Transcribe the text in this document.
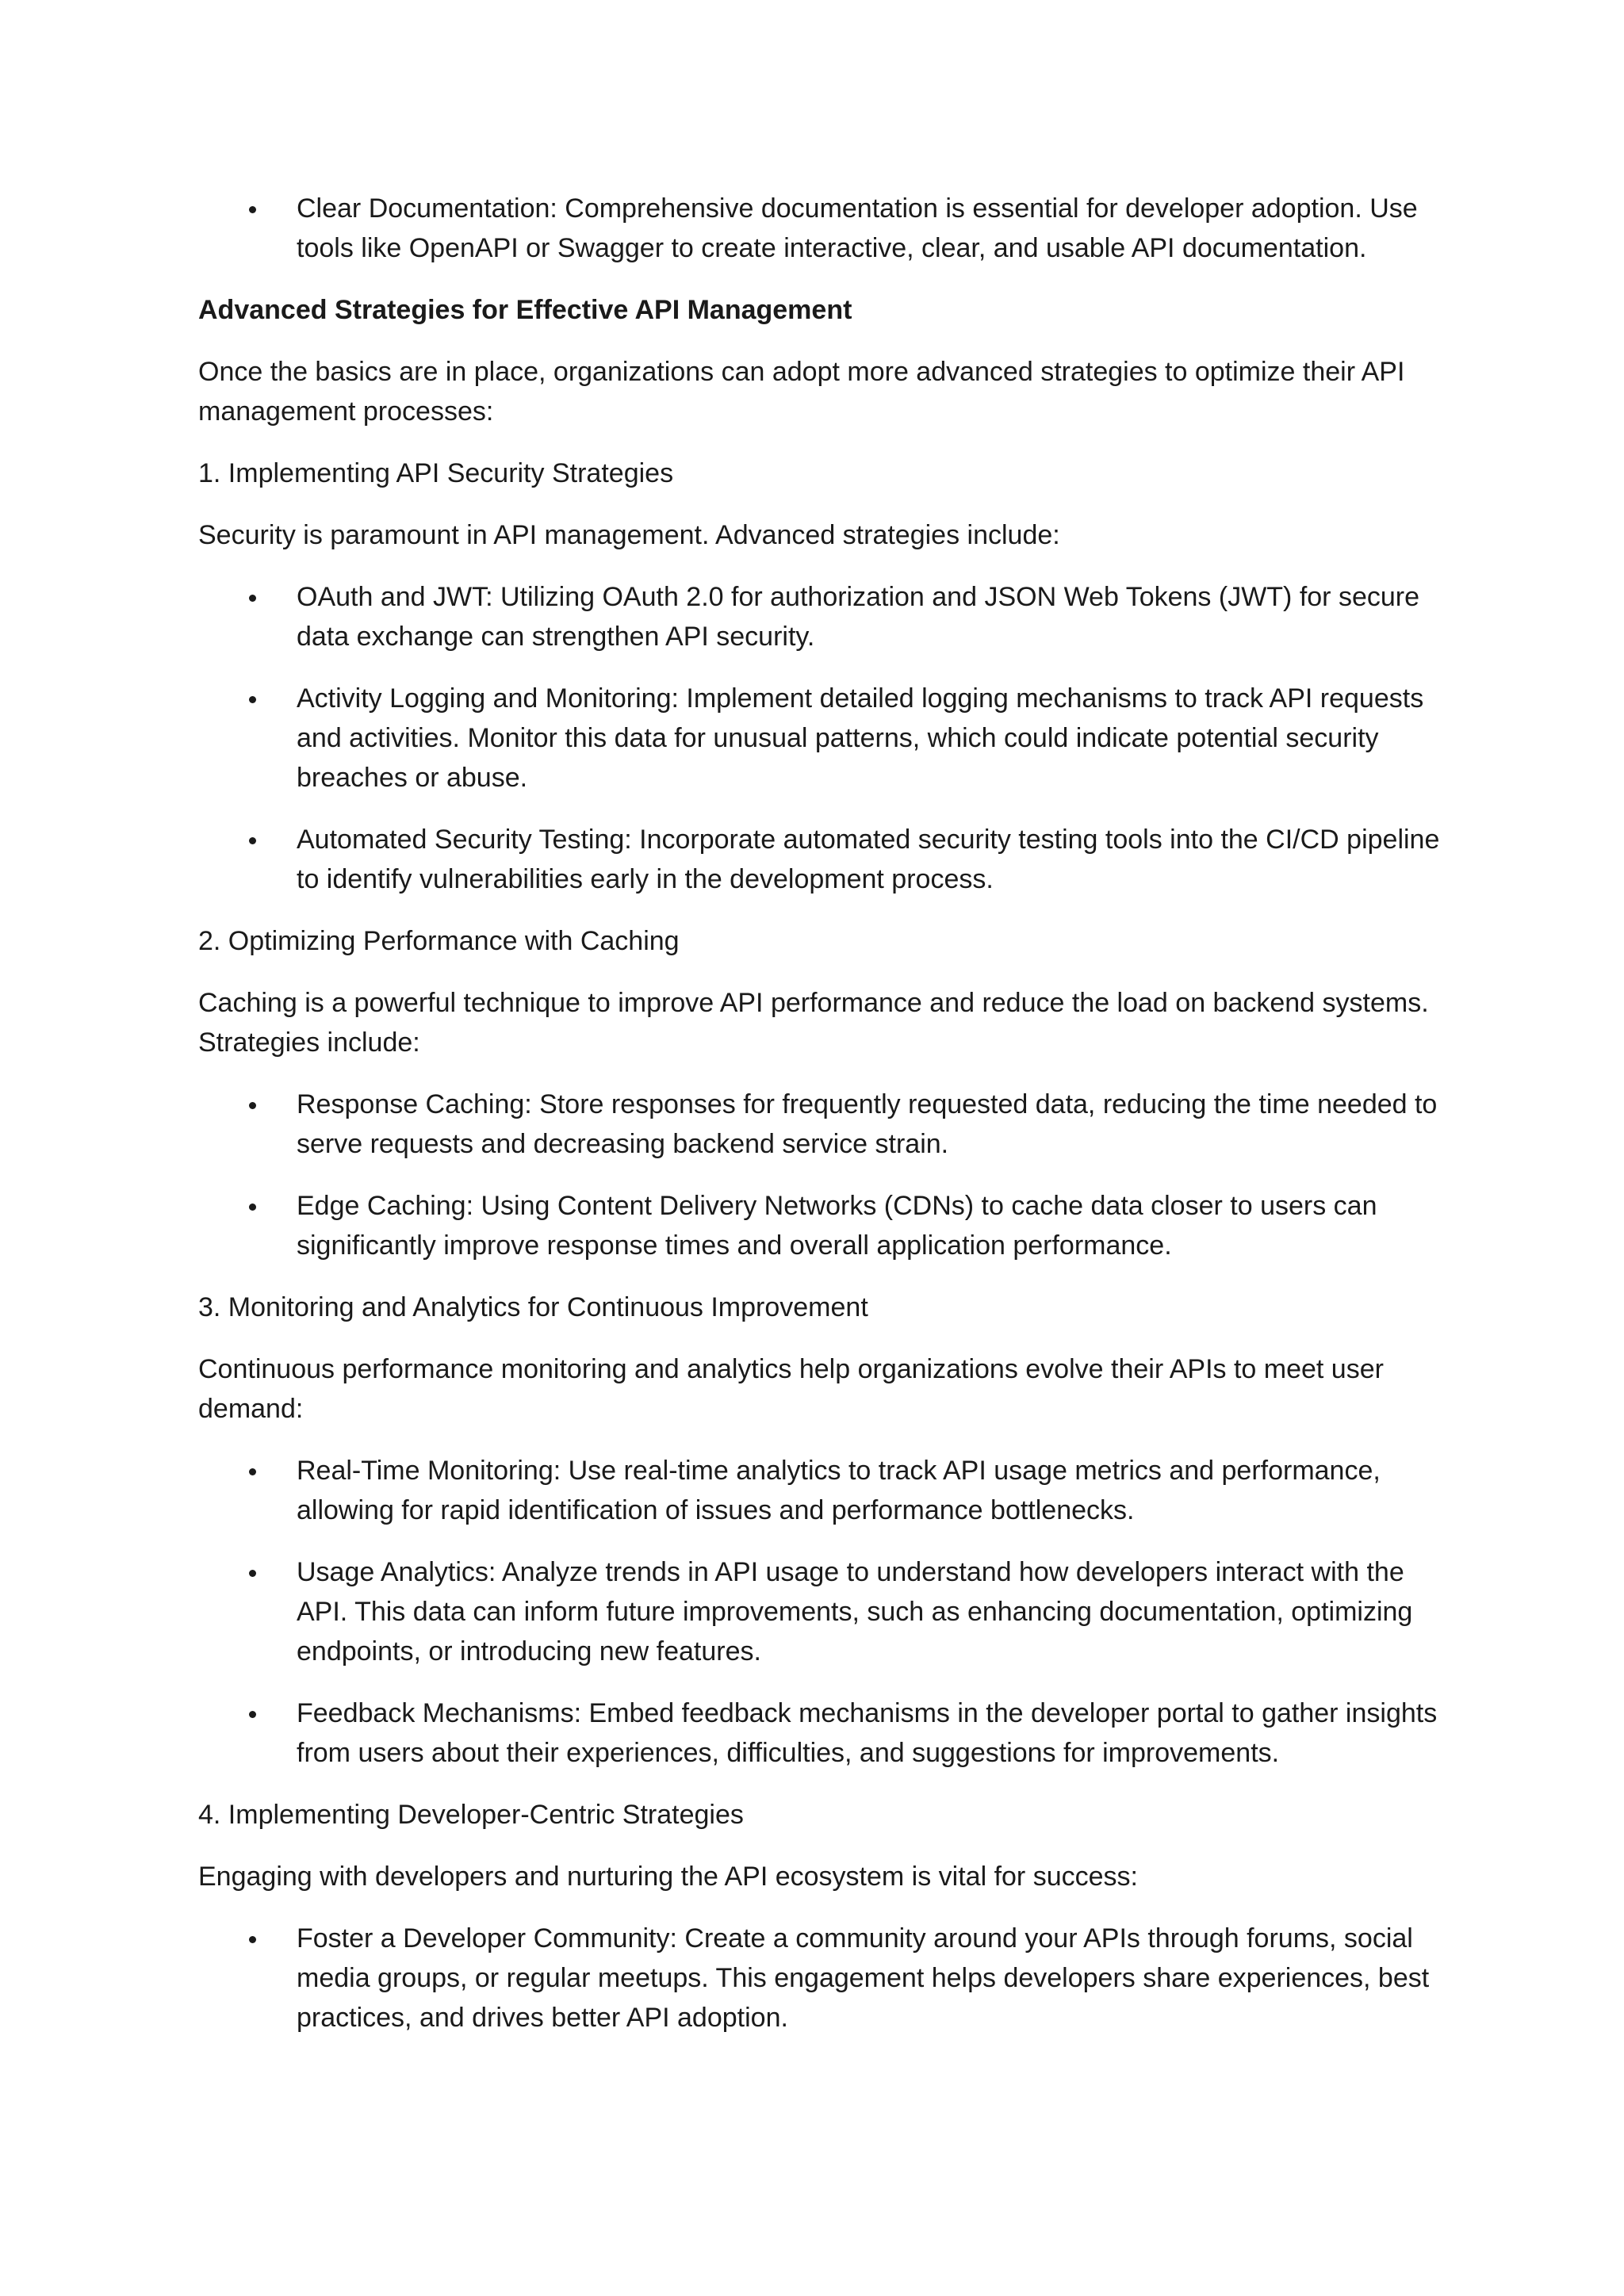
Clear Documentation: Comprehensive documentation is essential for developer adoption. Use tools like OpenAPI or Swagger to create interactive, clear, and usable API documentation.

Advanced Strategies for Effective API Management

Once the basics are in place, organizations can adopt more advanced strategies to optimize their API management processes:

1. Implementing API Security Strategies

Security is paramount in API management. Advanced strategies include:

OAuth and JWT: Utilizing OAuth 2.0 for authorization and JSON Web Tokens (JWT) for secure data exchange can strengthen API security.
Activity Logging and Monitoring: Implement detailed logging mechanisms to track API requests and activities. Monitor this data for unusual patterns, which could indicate potential security breaches or abuse.
Automated Security Testing: Incorporate automated security testing tools into the CI/CD pipeline to identify vulnerabilities early in the development process.

2. Optimizing Performance with Caching

Caching is a powerful technique to improve API performance and reduce the load on backend systems. Strategies include:

Response Caching: Store responses for frequently requested data, reducing the time needed to serve requests and decreasing backend service strain.
Edge Caching: Using Content Delivery Networks (CDNs) to cache data closer to users can significantly improve response times and overall application performance.

3. Monitoring and Analytics for Continuous Improvement

Continuous performance monitoring and analytics help organizations evolve their APIs to meet user demand:

Real-Time Monitoring: Use real-time analytics to track API usage metrics and performance, allowing for rapid identification of issues and performance bottlenecks.
Usage Analytics: Analyze trends in API usage to understand how developers interact with the API. This data can inform future improvements, such as enhancing documentation, optimizing endpoints, or introducing new features.
Feedback Mechanisms: Embed feedback mechanisms in the developer portal to gather insights from users about their experiences, difficulties, and suggestions for improvements.

4. Implementing Developer-Centric Strategies

Engaging with developers and nurturing the API ecosystem is vital for success:

Foster a Developer Community: Create a community around your APIs through forums, social media groups, or regular meetups. This engagement helps developers share experiences, best practices, and drives better API adoption.
